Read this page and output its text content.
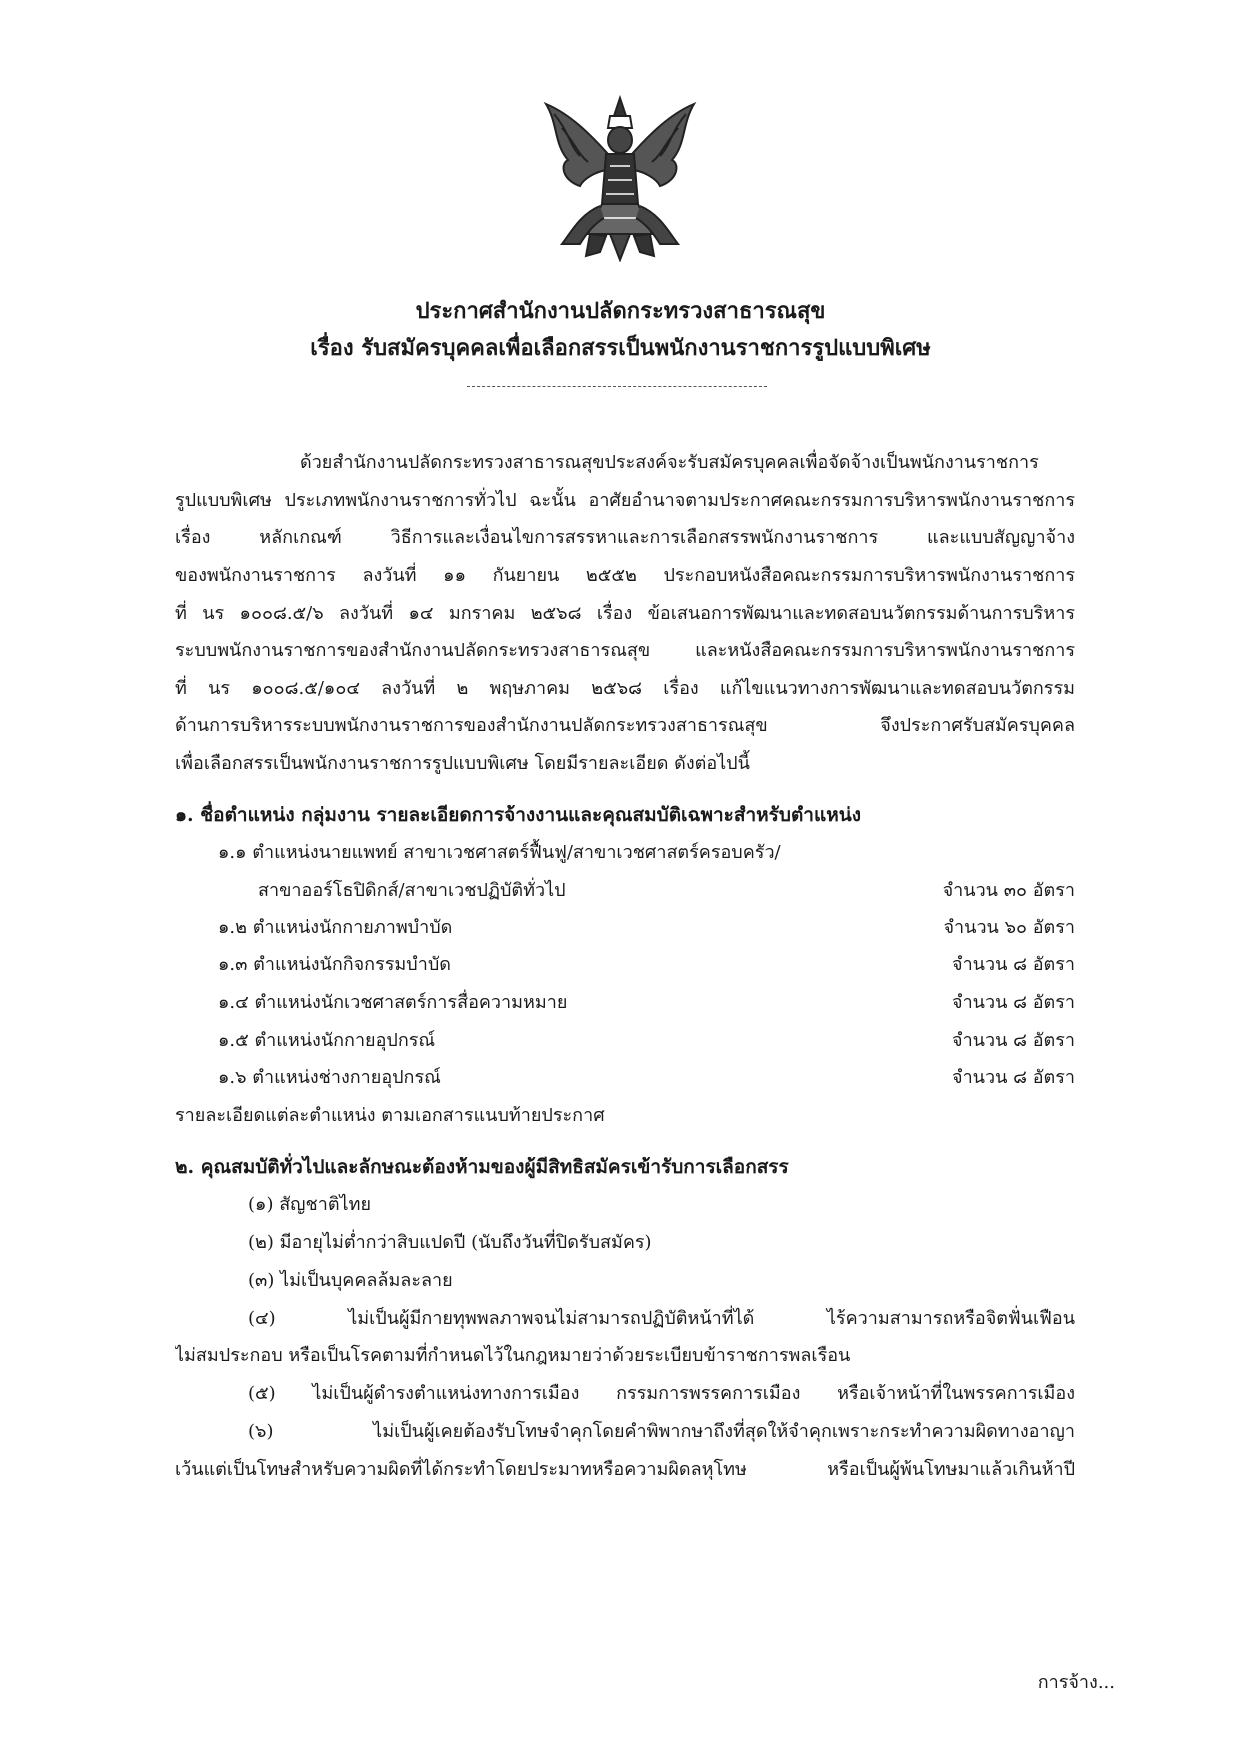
ประกาศสำนักงานปลัดกระทรวงสาธารณสุข
เรื่อง รับสมัครบุคคลเพื่อเลือกสรรเป็นพนักงานราชการรูปแบบพิเศษ
ด้วยสำนักงานปลัดกระทรวงสาธารณสุขประสงค์จะรับสมัครบุคคลเพื่อจัดจ้างเป็นพนักงานราชการ
รูปแบบพิเศษ ประเภทพนักงานราชการทั่วไป ฉะนั้น อาศัยอำนาจตามประกาศคณะกรรมการบริหารพนักงานราชการ
เรื่อง หลักเกณฑ์ วิธีการและเงื่อนไขการสรรหาและการเลือกสรรพนักงานราชการ และแบบสัญญาจ้าง
ของพนักงานราชการ ลงวันที่ ๑๑ กันยายน ๒๕๕๒ ประกอบหนังสือคณะกรรมการบริหารพนักงานราชการ
ที่ นร ๑๐๐๘.๕/๖ ลงวันที่ ๑๔ มกราคม ๒๕๖๘ เรื่อง ข้อเสนอการพัฒนาและทดสอบนวัตกรรมด้านการบริหาร
ระบบพนักงานราชการของสำนักงานปลัดกระทรวงสาธารณสุข และหนังสือคณะกรรมการบริหารพนักงานราชการ
ที่ นร ๑๐๐๘.๕/๑๐๔ ลงวันที่ ๒ พฤษภาคม ๒๕๖๘ เรื่อง แก้ไขแนวทางการพัฒนาและทดสอบนวัตกรรม
ด้านการบริหารระบบพนักงานราชการของสำนักงานปลัดกระทรวงสาธารณสุข จึงประกาศรับสมัครบุคคล
เพื่อเลือกสรรเป็นพนักงานราชการรูปแบบพิเศษ โดยมีรายละเอียด ดังต่อไปนี้
๑. ชื่อตำแหน่ง กลุ่มงาน รายละเอียดการจ้างงานและคุณสมบัติเฉพาะสำหรับตำแหน่ง
๑.๑ ตำแหน่งนายแพทย์ สาขาเวชศาสตร์ฟื้นฟู/สาขาเวชศาสตร์ครอบครัว/
สาขาออร์โธปิดิกส์/สาขาเวชปฏิบัติทั่วไป	จำนวน ๓๐ อัตรา
๑.๒ ตำแหน่งนักกายภาพบำบัด	จำนวน ๖๐ อัตรา
๑.๓ ตำแหน่งนักกิจกรรมบำบัด	จำนวน ๘ อัตรา
๑.๔ ตำแหน่งนักเวชศาสตร์การสื่อความหมาย	จำนวน ๘ อัตรา
๑.๕ ตำแหน่งนักกายอุปกรณ์	จำนวน ๘ อัตรา
๑.๖ ตำแหน่งช่างกายอุปกรณ์	จำนวน ๘ อัตรา
รายละเอียดแต่ละตำแหน่ง ตามเอกสารแนบท้ายประกาศ
๒. คุณสมบัติทั่วไปและลักษณะต้องห้ามของผู้มีสิทธิสมัครเข้ารับการเลือกสรร
(๑) สัญชาติไทย
(๒) มีอายุไม่ต่ำกว่าสิบแปดปี (นับถึงวันที่ปิดรับสมัคร)
(๓) ไม่เป็นบุคคลล้มละลาย
(๔) ไม่เป็นผู้มีกายทุพพลภาพจนไม่สามารถปฏิบัติหน้าที่ได้ ไร้ความสามารถหรือจิตฟั่นเฟือน
ไม่สมประกอบ หรือเป็นโรคตามที่กำหนดไว้ในกฎหมายว่าด้วยระเบียบข้าราชการพลเรือน
(๕) ไม่เป็นผู้ดำรงตำแหน่งทางการเมือง กรรมการพรรคการเมือง หรือเจ้าหน้าที่ในพรรคการเมือง
(๖) ไม่เป็นผู้เคยต้องรับโทษจำคุกโดยคำพิพากษาถึงที่สุดให้จำคุกเพราะกระทำความผิดทางอาญา
เว้นแต่เป็นโทษสำหรับความผิดที่ได้กระทำโดยประมาทหรือความผิดลหุโทษ หรือเป็นผู้พ้นโทษมาแล้วเกินห้าปี
การจ้าง...
